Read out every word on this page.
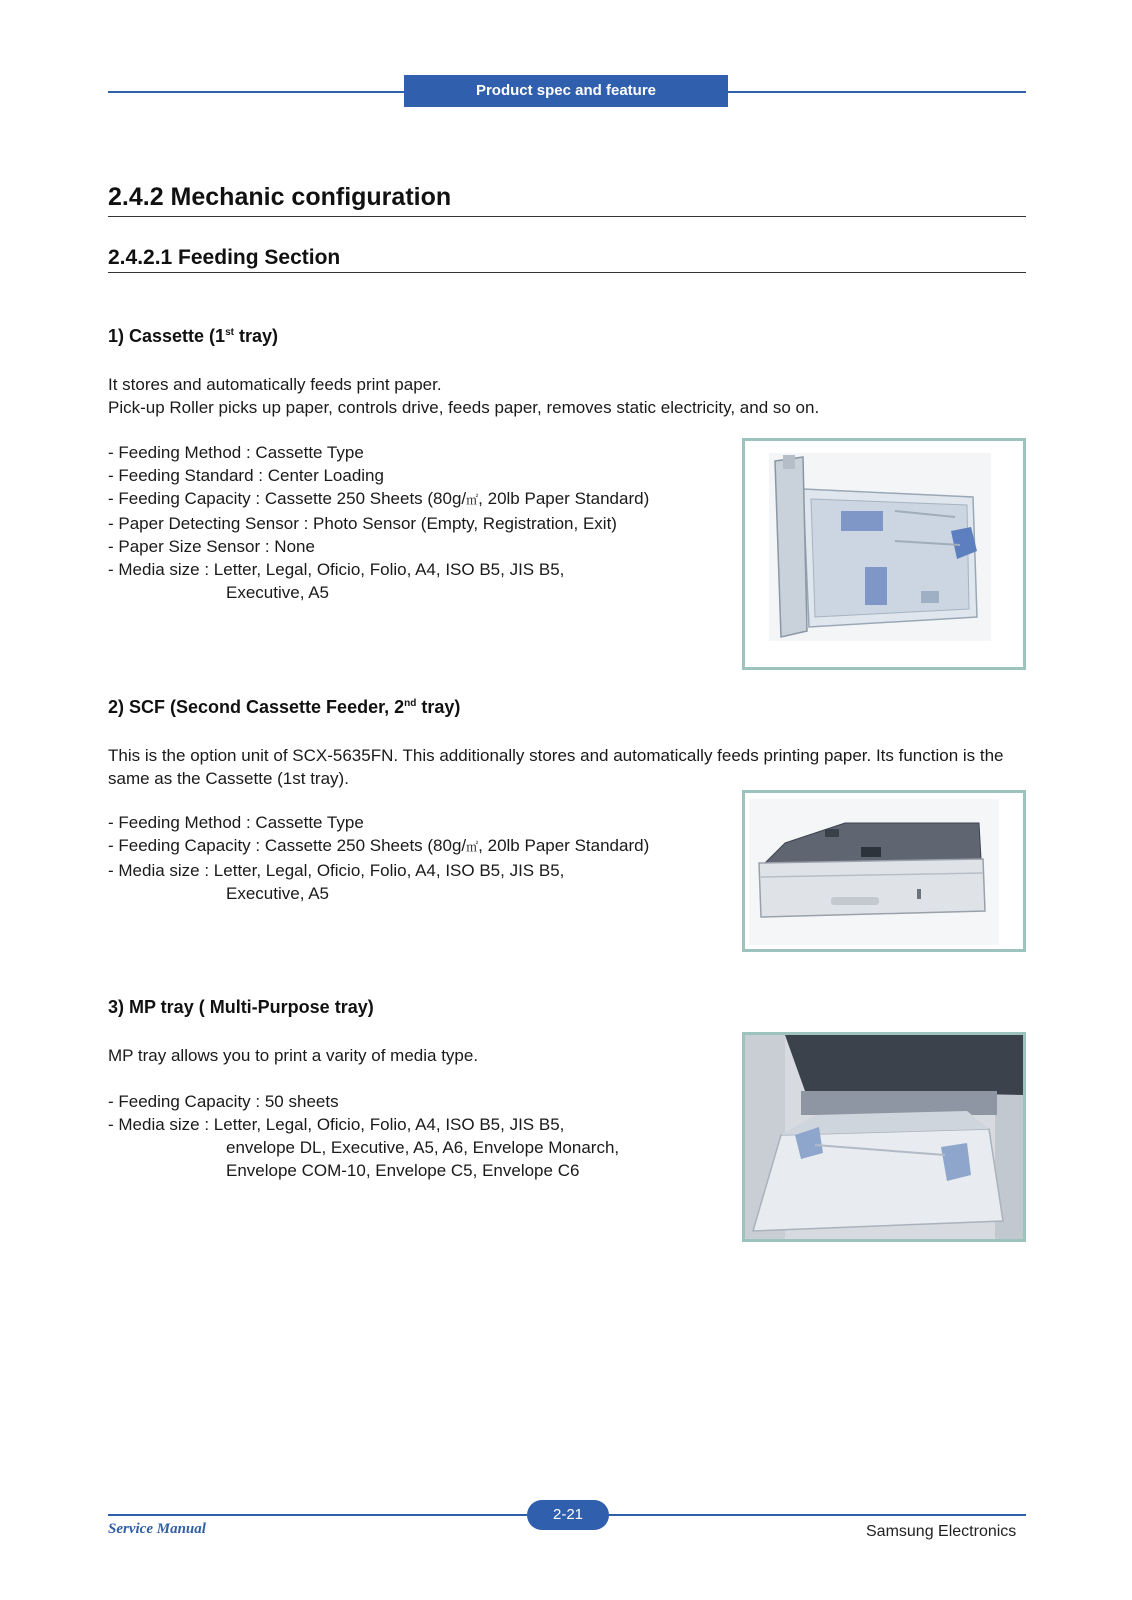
Product spec and feature
2.4.2 Mechanic configuration
2.4.2.1 Feeding Section
1) Cassette (1st tray)

It stores and automatically feeds print paper.

Pick-up Roller picks up paper, controls drive, feeds paper, removes static electricity, and so on.

- Feeding Method : Cassette Type
- Feeding Standard : Center Loading
- Feeding Capacity : Cassette 250 Sheets (80g/㎡, 20lb Paper Standard)
- Paper Detecting Sensor : Photo Sensor (Empty, Registration, Exit)
- Paper Size Sensor : None
- Media size : Letter, Legal, Oficio, Folio, A4, ISO B5, JIS B5,
Executive, A5
2) SCF (Second Cassette Feeder, 2nd tray)

This is the option unit of SCX-5635FN. This additionally stores and automatically feeds printing paper. Its function is the same as the Cassette (1st tray).

- Feeding Method : Cassette Type
- Feeding Capacity : Cassette 250 Sheets (80g/㎡, 20lb Paper Standard)
- Media size : Letter, Legal, Oficio, Folio, A4, ISO B5, JIS B5,
Executive, A5
3) MP tray ( Multi-Purpose tray)

MP tray allows you to print a varity of media type.

- Feeding Capacity : 50 sheets
- Media size : Letter, Legal, Oficio, Folio, A4, ISO B5, JIS B5,
envelope DL, Executive, A5, A6, Envelope Monarch,
Envelope COM-10, Envelope C5, Envelope C6
2-21
Service Manual	Samsung Electronics
